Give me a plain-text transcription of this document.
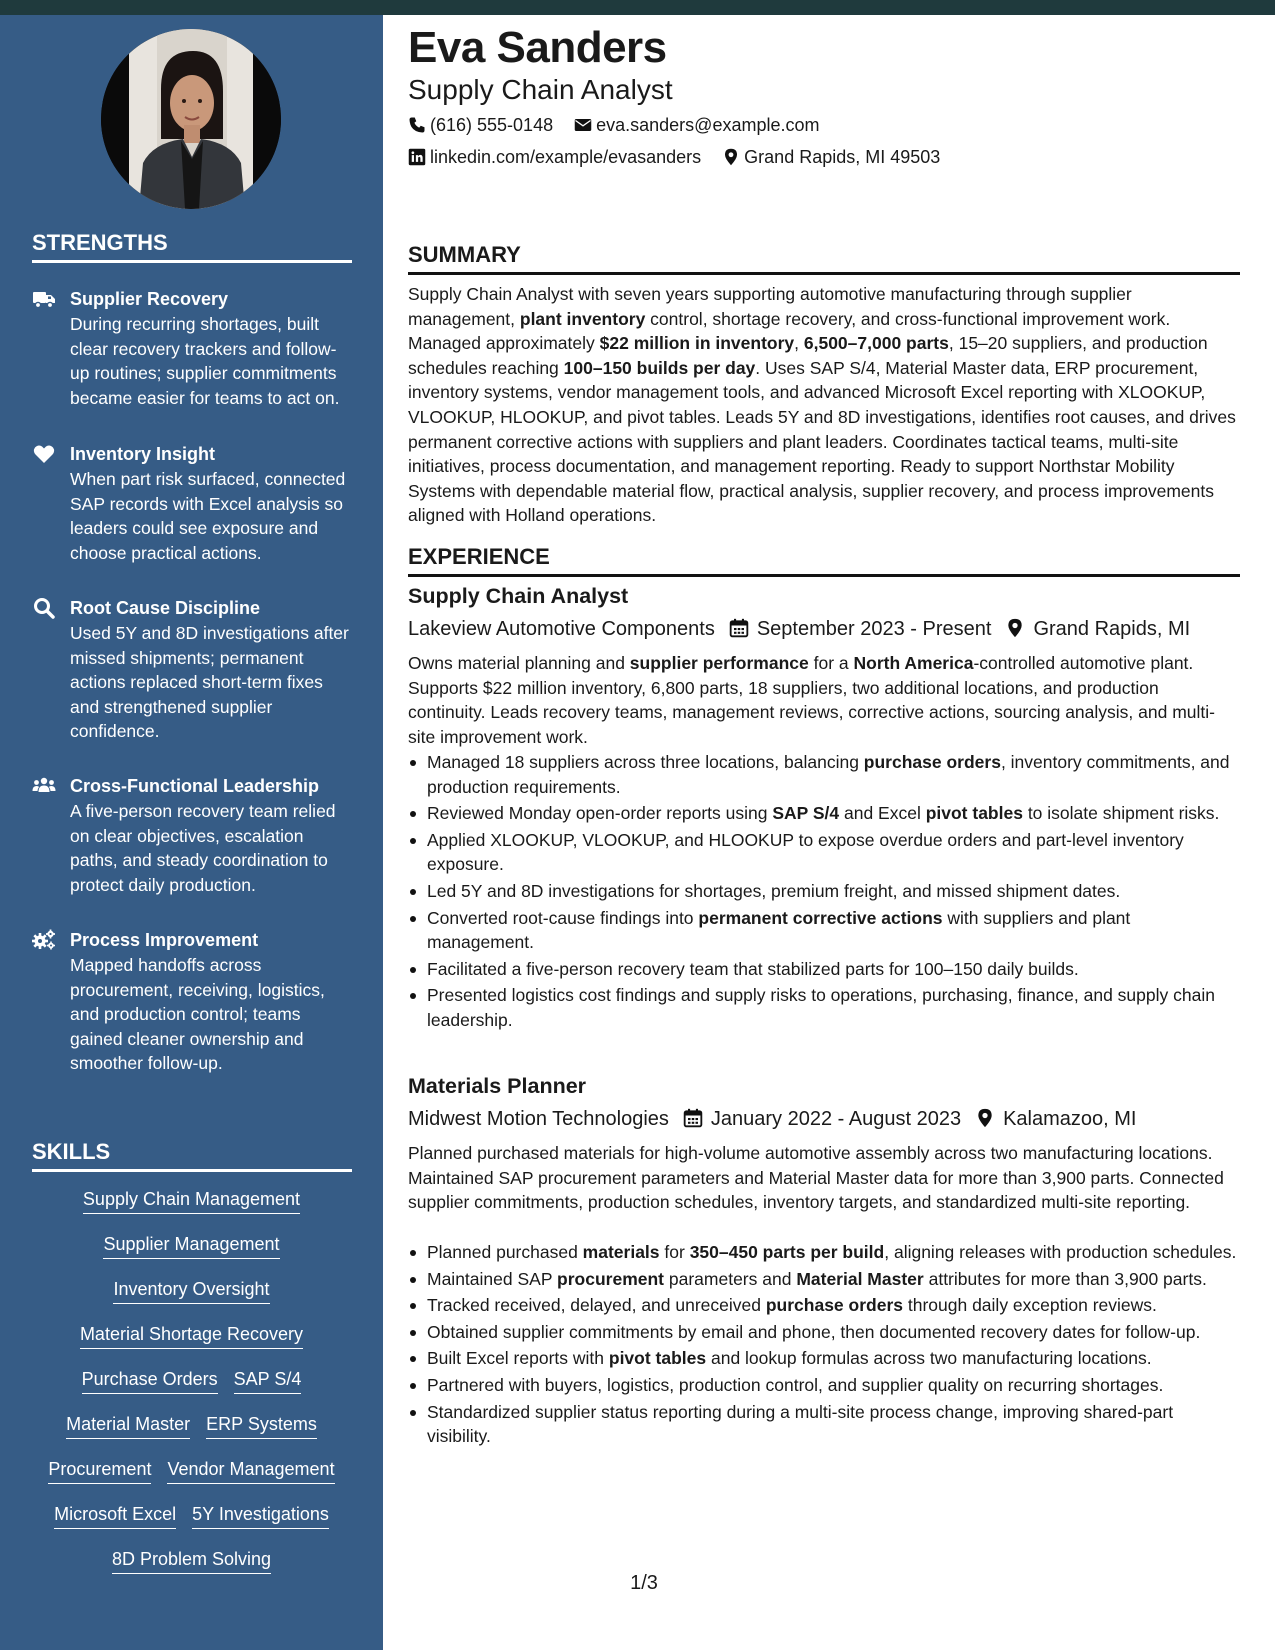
STRENGTHS
Supplier Recovery
During recurring shortages, built clear recovery trackers and follow-up routines; supplier commitments became easier for teams to act on.
Inventory Insight
When part risk surfaced, connected SAP records with Excel analysis so leaders could see exposure and choose practical actions.
Root Cause Discipline
Used 5Y and 8D investigations after missed shipments; permanent actions replaced short-term fixes and strengthened supplier confidence.
Cross-Functional Leadership
A five-person recovery team relied on clear objectives, escalation paths, and steady coordination to protect daily production.
Process Improvement
Mapped handoffs across procurement, receiving, logistics, and production control; teams gained cleaner ownership and smoother follow-up.
SKILLS
Supply Chain Management
Supplier Management
Inventory Oversight
Material Shortage Recovery
Purchase Orders SAP S/4
Material Master ERP Systems
Procurement Vendor Management
Microsoft Excel 5Y Investigations
8D Problem Solving
Eva Sanders
Supply Chain Analyst
(616) 555-0148 eva.sanders@example.com
linkedin.com/example/evasanders Grand Rapids, MI 49503
SUMMARY

Supply Chain Analyst with seven years supporting automotive manufacturing through supplier management, plant inventory control, shortage recovery, and cross-functional improvement work. Managed approximately $22 million in inventory, 6,500–7,000 parts, 15–20 suppliers, and production schedules reaching 100–150 builds per day. Uses SAP S/4, Material Master data, ERP procurement, inventory systems, vendor management tools, and advanced Microsoft Excel reporting with XLOOKUP, VLOOKUP, HLOOKUP, and pivot tables. Leads 5Y and 8D investigations, identifies root causes, and drives permanent corrective actions with suppliers and plant leaders. Coordinates tactical teams, multi-site initiatives, process documentation, and management reporting. Ready to support Northstar Mobility Systems with dependable material flow, practical analysis, supplier recovery, and process improvements aligned with Holland operations.

EXPERIENCE
Supply Chain Analyst
Lakeview Automotive Components September 2023 - Present Grand Rapids, MI

Owns material planning and supplier performance for a North America-controlled automotive plant. Supports $22 million inventory, 6,800 parts, 18 suppliers, two additional locations, and production continuity. Leads recovery teams, management reviews, corrective actions, sourcing analysis, and multi-site improvement work.

Managed 18 suppliers across three locations, balancing purchase orders, inventory commitments, and production requirements.
Reviewed Monday open-order reports using SAP S/4 and Excel pivot tables to isolate shipment risks.
Applied XLOOKUP, VLOOKUP, and HLOOKUP to expose overdue orders and part-level inventory exposure.
Led 5Y and 8D investigations for shortages, premium freight, and missed shipment dates.
Converted root-cause findings into permanent corrective actions with suppliers and plant management.
Facilitated a five-person recovery team that stabilized parts for 100–150 daily builds.
Presented logistics cost findings and supply risks to operations, purchasing, finance, and supply chain leadership.
Materials Planner
Midwest Motion Technologies January 2022 - August 2023 Kalamazoo, MI

Planned purchased materials for high-volume automotive assembly across two manufacturing locations. Maintained SAP procurement parameters and Material Master data for more than 3,900 parts. Connected supplier commitments, production schedules, inventory targets, and standardized multi-site reporting.

Planned purchased materials for 350–450 parts per build, aligning releases with production schedules.
Maintained SAP procurement parameters and Material Master attributes for more than 3,900 parts.
Tracked received, delayed, and unreceived purchase orders through daily exception reviews.
Obtained supplier commitments by email and phone, then documented recovery dates for follow-up.
Built Excel reports with pivot tables and lookup formulas across two manufacturing locations.
Partnered with buyers, logistics, production control, and supplier quality on recurring shortages.
Standardized supplier status reporting during a multi-site process change, improving shared-part visibility.
1/3
